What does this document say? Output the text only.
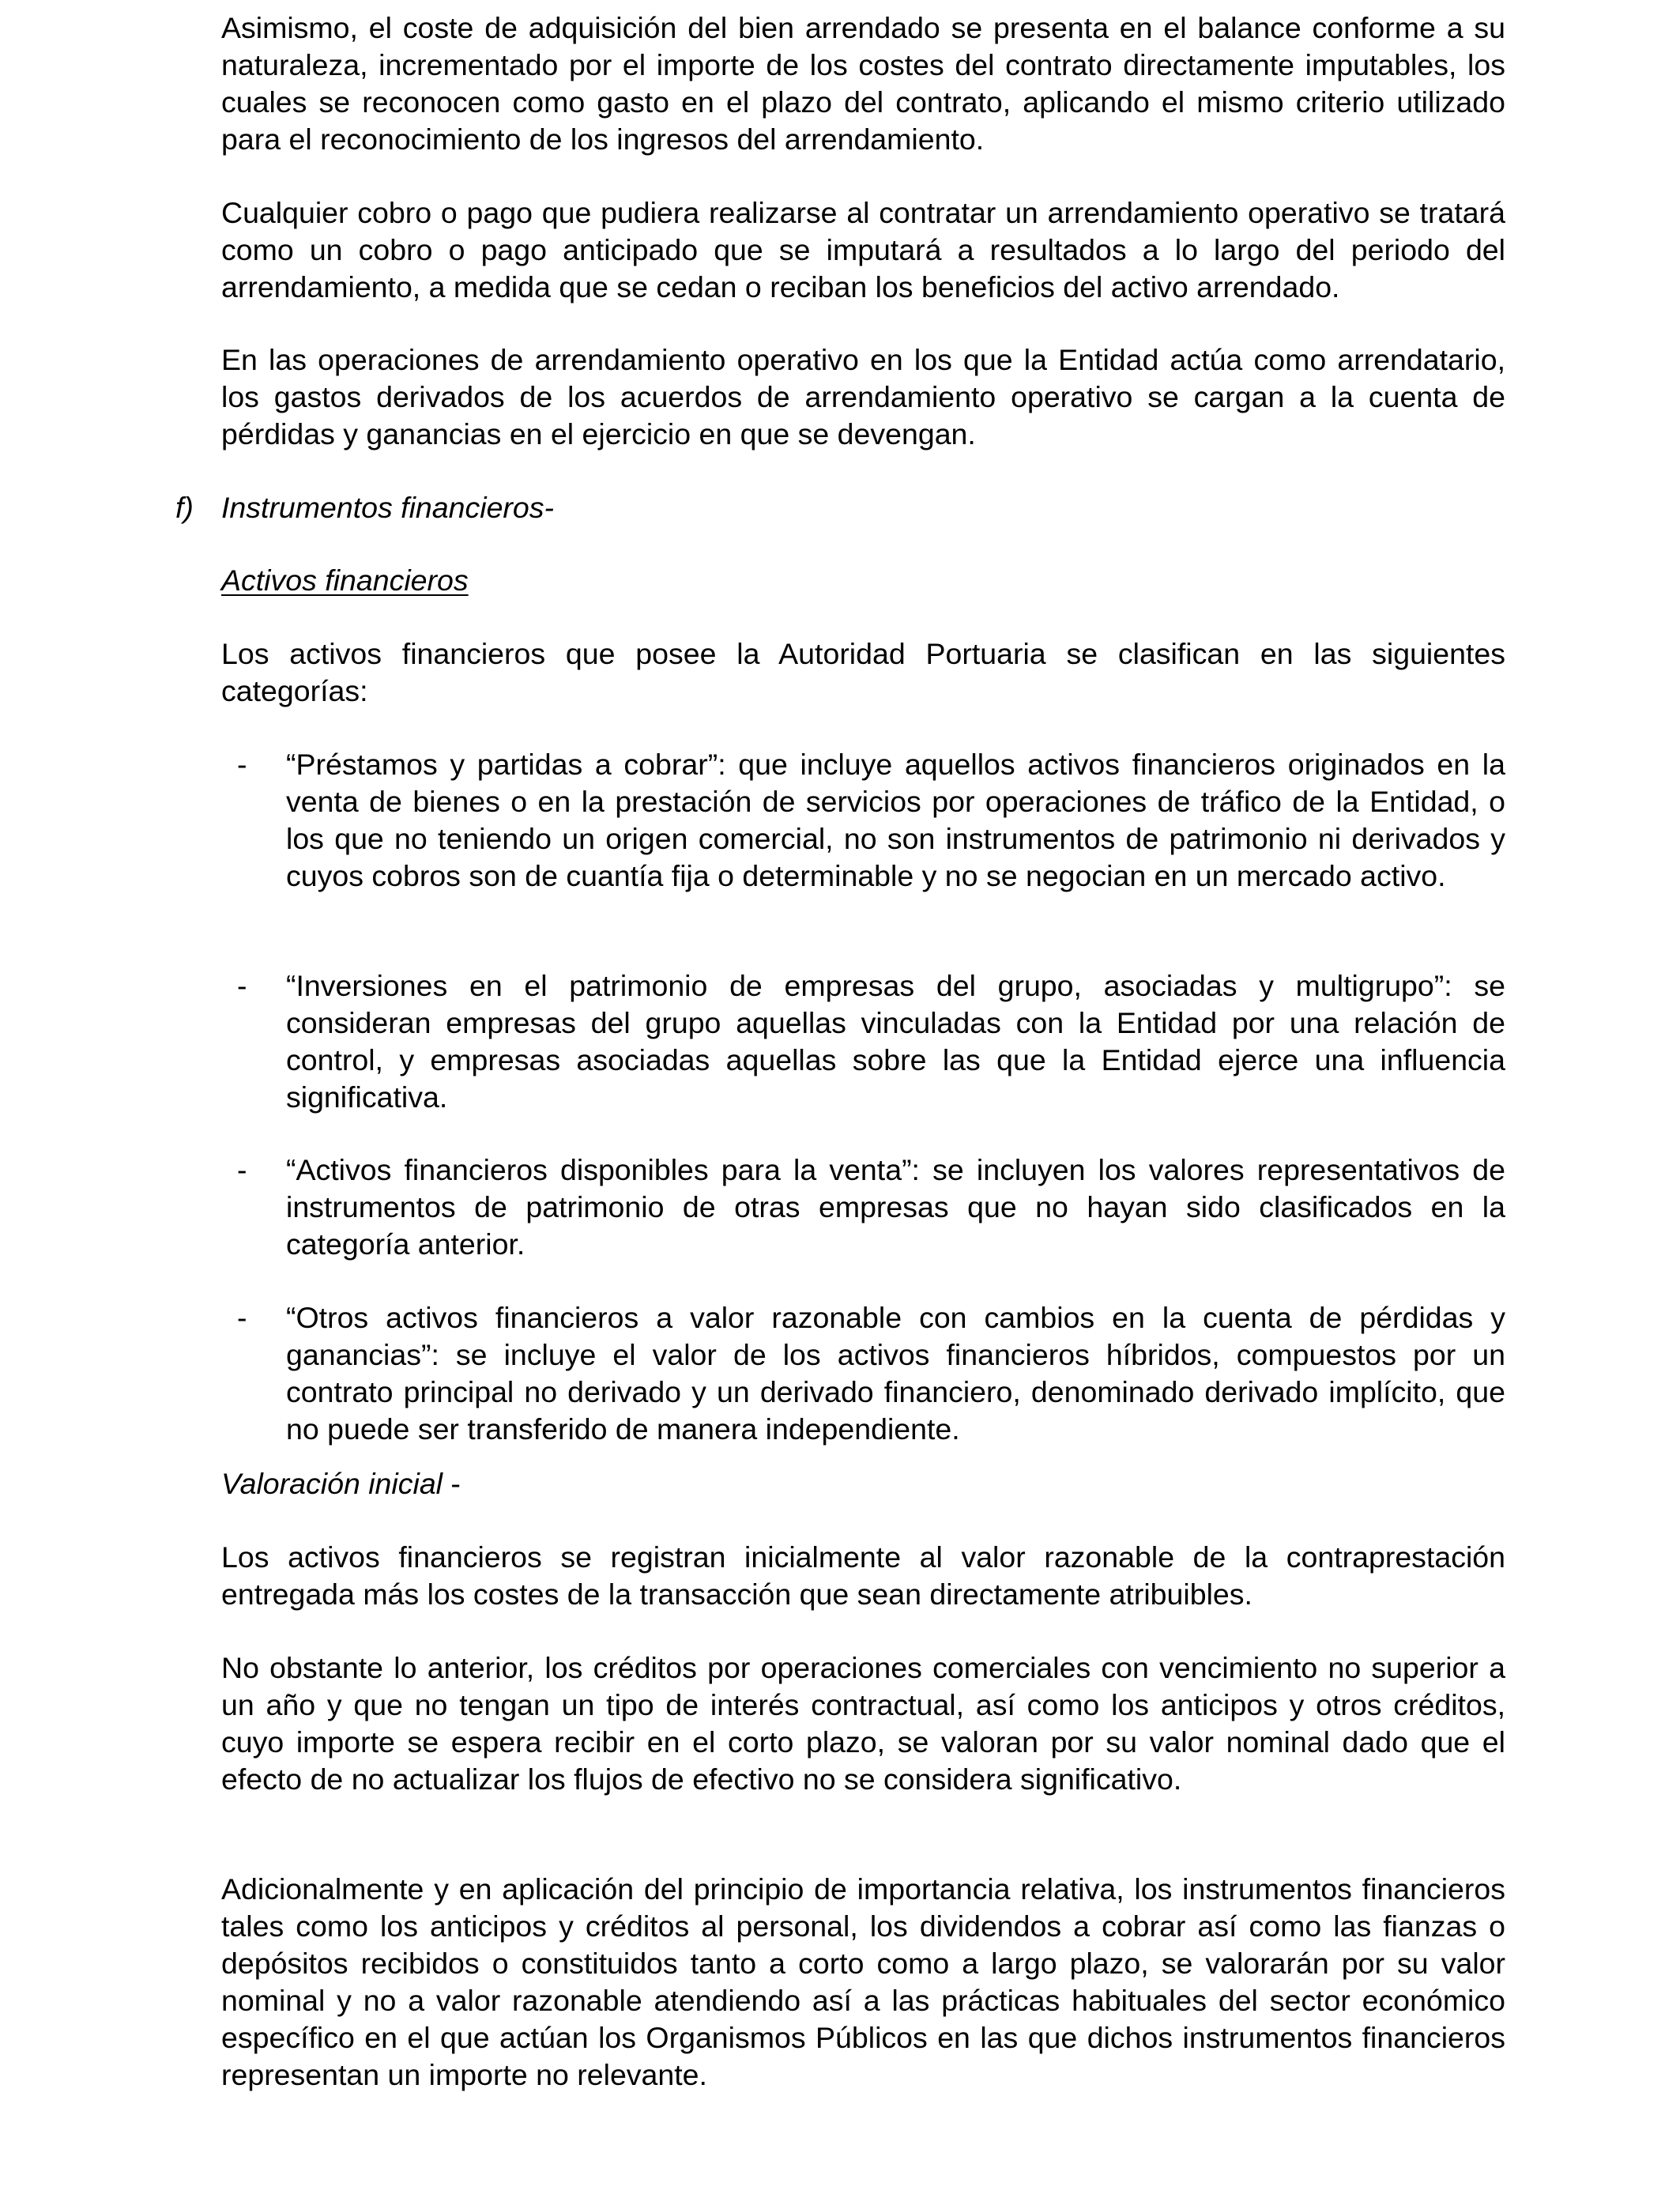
Asimismo, el coste de adquisición del bien arrendado se presenta en el balance conforme a su naturaleza, incrementado por el importe de los costes del contrato directamente imputables, los cuales se reconocen como gasto en el plazo del contrato, aplicando el mismo criterio utilizado para el reconocimiento de los ingresos del arrendamiento.

Cualquier cobro o pago que pudiera realizarse al contratar un arrendamiento operativo se tratará como un cobro o pago anticipado que se imputará a resultados a lo largo del periodo del arrendamiento, a medida que se cedan o reciban los beneficios del activo arrendado.

En las operaciones de arrendamiento operativo en los que la Entidad actúa como arrendatario, los gastos derivados de los acuerdos de arrendamiento operativo se cargan a la cuenta de pérdidas y ganancias en el ejercicio en que se devengan.

f) Instrumentos financieros-
Activos financieros

Los activos financieros que posee la Autoridad Portuaria se clasifican en las siguientes categorías:

- “Préstamos y partidas a cobrar”: que incluye aquellos activos financieros originados en la venta de bienes o en la prestación de servicios por operaciones de tráfico de la Entidad, o los que no teniendo un origen comercial, no son instrumentos de patrimonio ni derivados y cuyos cobros son de cuantía fija o determinable y no se negocian en un mercado activo.

- “Inversiones en el patrimonio de empresas del grupo, asociadas y multigrupo”: se consideran empresas del grupo aquellas vinculadas con la Entidad por una relación de control, y empresas asociadas aquellas sobre las que la Entidad ejerce una influencia significativa.

- “Activos financieros disponibles para la venta”: se incluyen los valores representativos de instrumentos de patrimonio de otras empresas que no hayan sido clasificados en la categoría anterior.

- “Otros activos financieros a valor razonable con cambios en la cuenta de pérdidas y ganancias”: se incluye el valor de los activos financieros híbridos, compuestos por un contrato principal no derivado y un derivado financiero, denominado derivado implícito, que no puede ser transferido de manera independiente.

Valoración inicial -

Los activos financieros se registran inicialmente al valor razonable de la contraprestación entregada más los costes de la transacción que sean directamente atribuibles.

No obstante lo anterior, los créditos por operaciones comerciales con vencimiento no superior a un año y que no tengan un tipo de interés contractual, así como los anticipos y otros créditos, cuyo importe se espera recibir en el corto plazo, se valoran por su valor nominal dado que el efecto de no actualizar los flujos de efectivo no se considera significativo.

Adicionalmente y en aplicación del principio de importancia relativa, los instrumentos financieros tales como los anticipos y créditos al personal, los dividendos a cobrar así como las fianzas o depósitos recibidos o constituidos tanto a corto como a largo plazo, se valorarán por su valor nominal y no a valor razonable atendiendo así a las prácticas habituales del sector económico específico en el que actúan los Organismos Públicos en las que dichos instrumentos financieros representan un importe no relevante.
